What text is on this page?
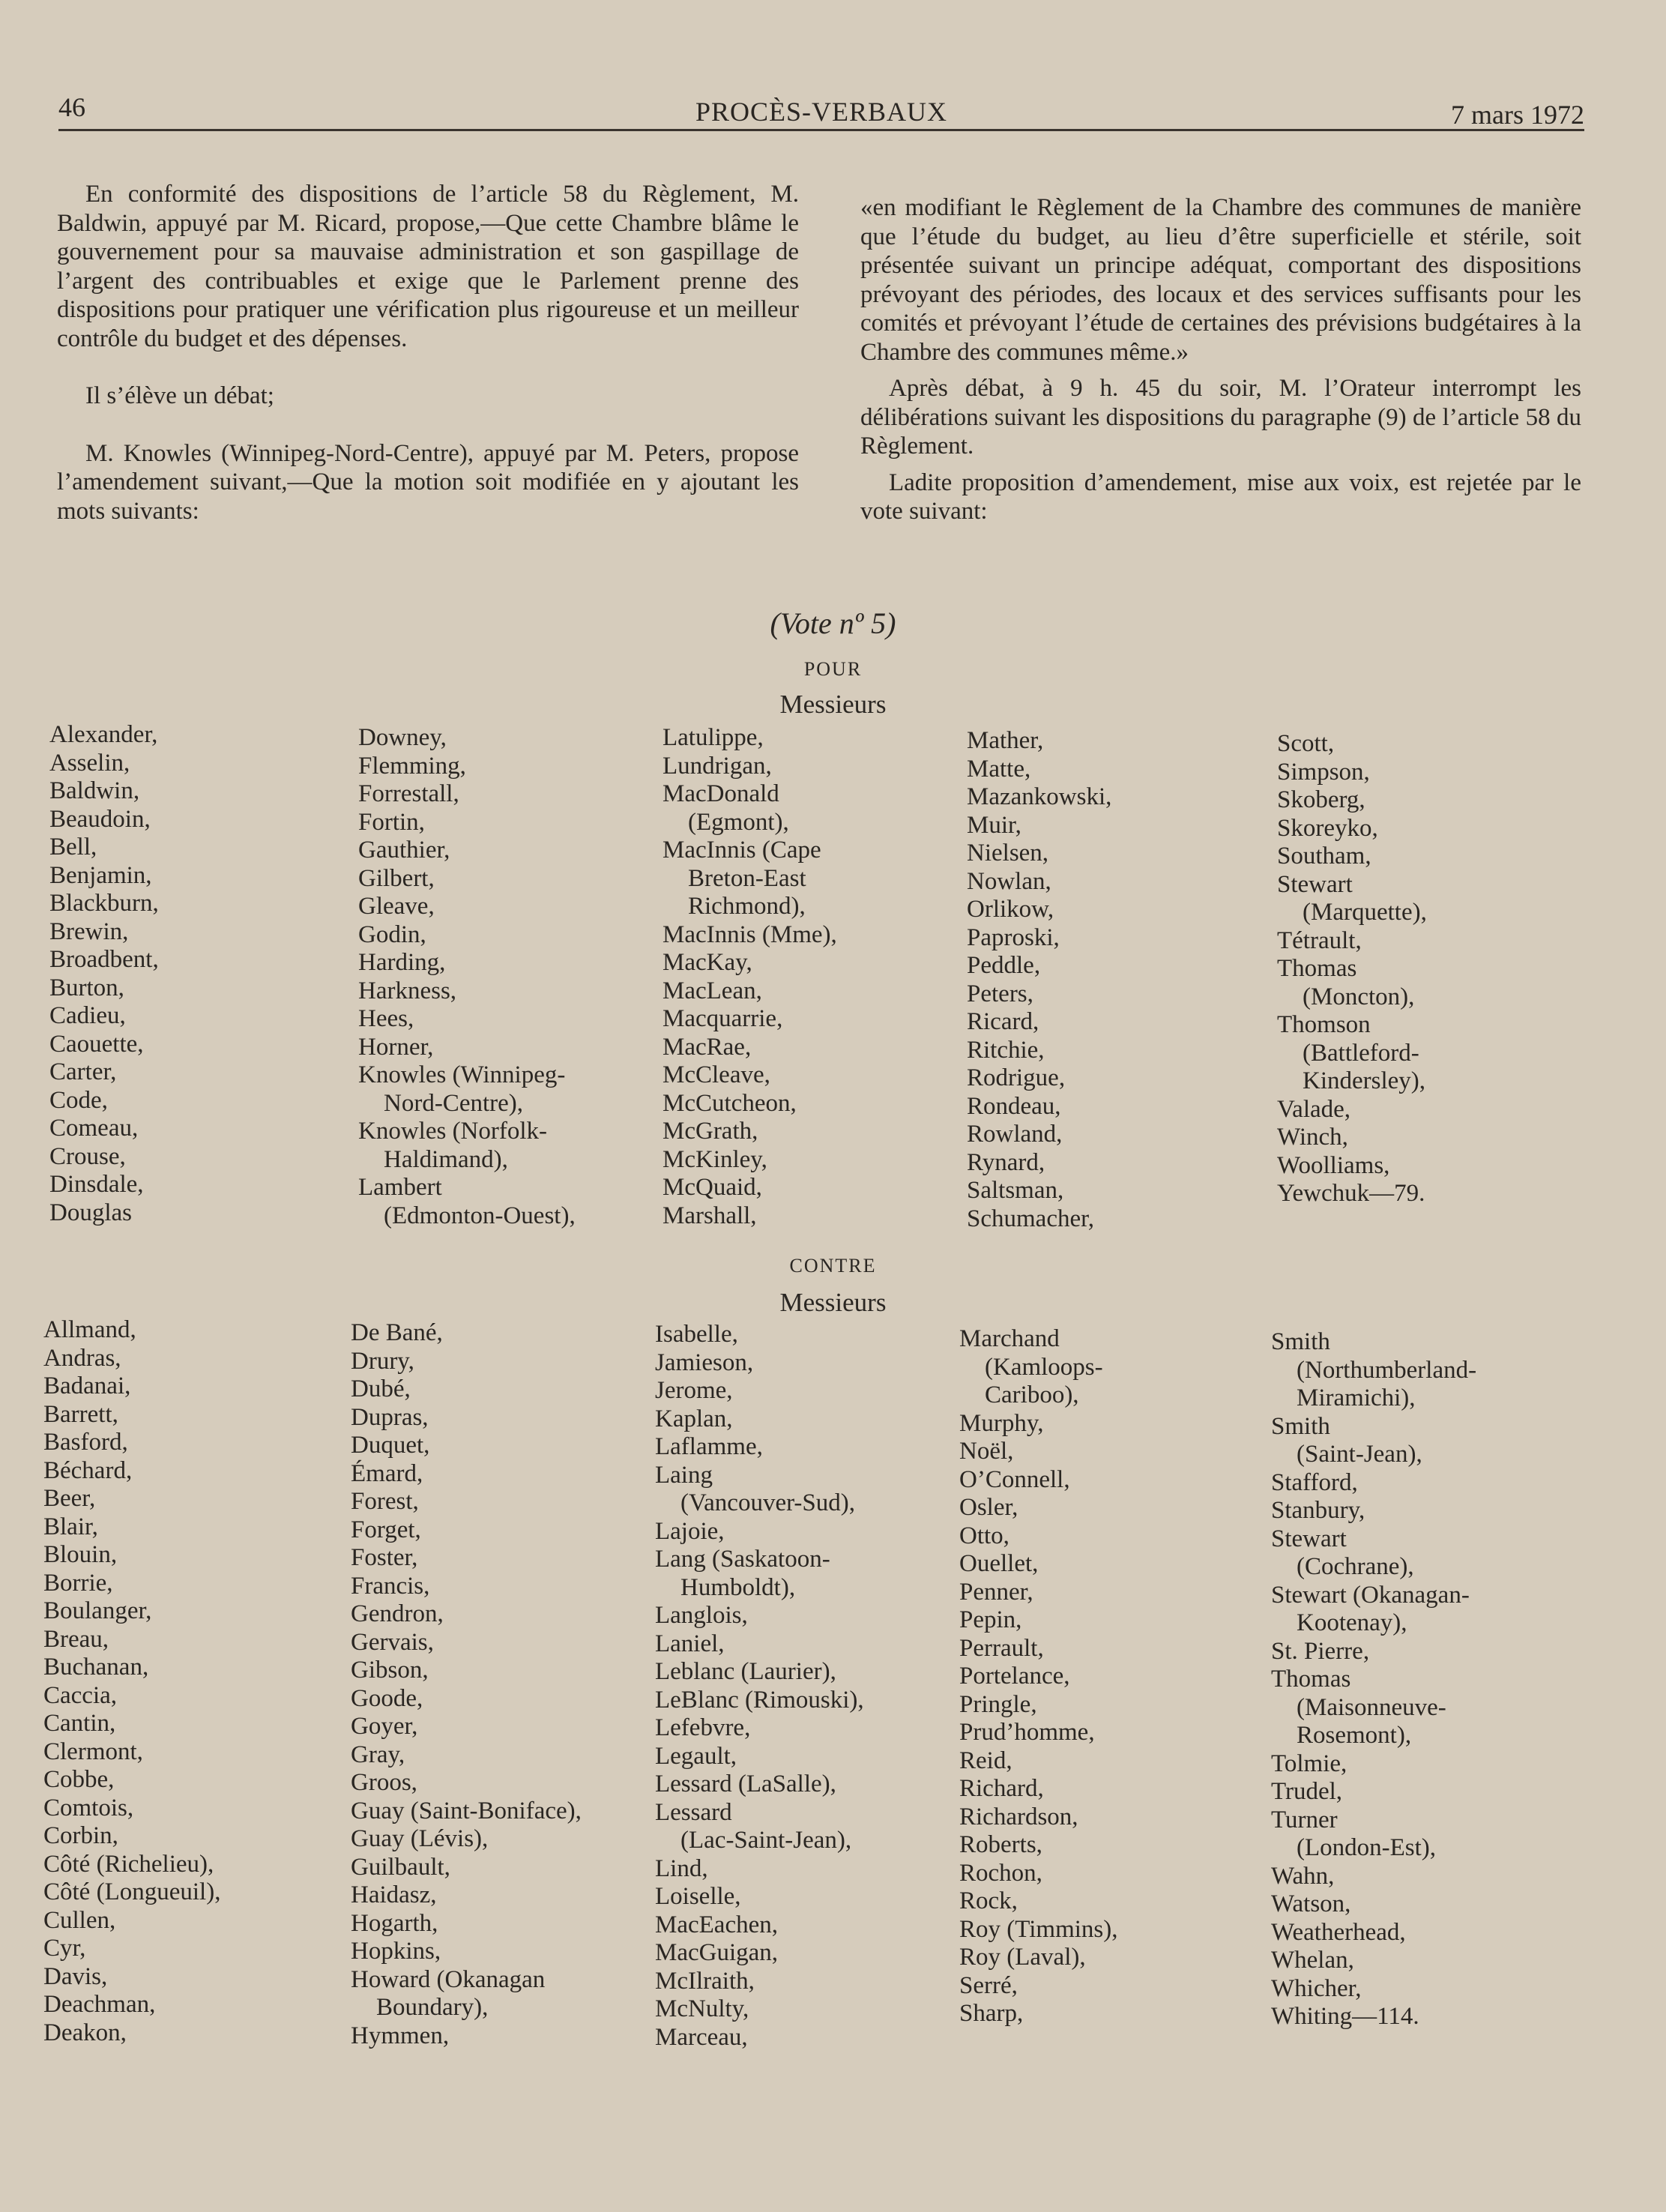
46	PROCÈS-VERBAUX	7 mars 1972

En conformité des dispositions de l’article 58 du Règlement, M. Baldwin, appuyé par M. Ricard, propose,—Que cette Chambre blâme le gouvernement pour sa mauvaise administration et son gaspillage de l’argent des contribuables et exige que le Parlement prenne des dispositions pour pratiquer une vérification plus rigoureuse et un meilleur contrôle du budget et des dépenses.

Il s’élève un débat;

M. Knowles (Winnipeg-Nord-Centre), appuyé par M. Peters, propose l’amendement suivant,—Que la motion soit modifiée en y ajoutant les mots suivants:

«en modifiant le Règlement de la Chambre des communes de manière que l’étude du budget, au lieu d’être superficielle et stérile, soit présentée suivant un principe adéquat, comportant des dispositions prévoyant des périodes, des locaux et des services suffisants pour les comités et prévoyant l’étude de certaines des prévisions budgétaires à la Chambre des communes même.»

Après débat, à 9 h. 45 du soir, M. l’Orateur interrompt les délibérations suivant les dispositions du paragraphe (9) de l’article 58 du Règlement.

Ladite proposition d’amendement, mise aux voix, est rejetée par le vote suivant:

(Vote nº 5)
POUR
Messieurs
Alexander,
Asselin,
Baldwin,
Beaudoin,
Bell,
Benjamin,
Blackburn,
Brewin,
Broadbent,
Burton,
Cadieu,
Caouette,
Carter,
Code,
Comeau,
Crouse,
Dinsdale,
Douglas
Downey,
Flemming,
Forrestall,
Fortin,
Gauthier,
Gilbert,
Gleave,
Godin,
Harding,
Harkness,
Hees,
Horner,
Knowles (Winnipeg-
Nord-Centre),
Knowles (Norfolk-
Haldimand),
Lambert
(Edmonton-Ouest),
Latulippe,
Lundrigan,
MacDonald
(Egmont),
MacInnis (Cape
Breton-East
Richmond),
MacInnis (Mme),
MacKay,
MacLean,
Macquarrie,
MacRae,
McCleave,
McCutcheon,
McGrath,
McKinley,
McQuaid,
Marshall,
Mather,
Matte,
Mazankowski,
Muir,
Nielsen,
Nowlan,
Orlikow,
Paproski,
Peddle,
Peters,
Ricard,
Ritchie,
Rodrigue,
Rondeau,
Rowland,
Rynard,
Saltsman,
Schumacher,
Scott,
Simpson,
Skoberg,
Skoreyko,
Southam,
Stewart
(Marquette),
Tétrault,
Thomas
(Moncton),
Thomson
(Battleford-
Kindersley),
Valade,
Winch,
Woolliams,
Yewchuk—79.
CONTRE
Messieurs
Allmand,
Andras,
Badanai,
Barrett,
Basford,
Béchard,
Beer,
Blair,
Blouin,
Borrie,
Boulanger,
Breau,
Buchanan,
Caccia,
Cantin,
Clermont,
Cobbe,
Comtois,
Corbin,
Côté (Richelieu),
Côté (Longueuil),
Cullen,
Cyr,
Davis,
Deachman,
Deakon,
De Bané,
Drury,
Dubé,
Dupras,
Duquet,
Émard,
Forest,
Forget,
Foster,
Francis,
Gendron,
Gervais,
Gibson,
Goode,
Goyer,
Gray,
Groos,
Guay (Saint-Boniface),
Guay (Lévis),
Guilbault,
Haidasz,
Hogarth,
Hopkins,
Howard (Okanagan
Boundary),
Hymmen,
Isabelle,
Jamieson,
Jerome,
Kaplan,
Laflamme,
Laing
(Vancouver-Sud),
Lajoie,
Lang (Saskatoon-
Humboldt),
Langlois,
Laniel,
Leblanc (Laurier),
LeBlanc (Rimouski),
Lefebvre,
Legault,
Lessard (LaSalle),
Lessard
(Lac-Saint-Jean),
Lind,
Loiselle,
MacEachen,
MacGuigan,
McIlraith,
McNulty,
Marceau,
Marchand
(Kamloops-
Cariboo),
Murphy,
Noël,
O’Connell,
Osler,
Otto,
Ouellet,
Penner,
Pepin,
Perrault,
Portelance,
Pringle,
Prud’homme,
Reid,
Richard,
Richardson,
Roberts,
Rochon,
Rock,
Roy (Timmins),
Roy (Laval),
Serré,
Sharp,
Smith
(Northumberland-
Miramichi),
Smith
(Saint-Jean),
Stafford,
Stanbury,
Stewart
(Cochrane),
Stewart (Okanagan-
Kootenay),
St. Pierre,
Thomas
(Maisonneuve-
Rosemont),
Tolmie,
Trudel,
Turner
(London-Est),
Wahn,
Watson,
Weatherhead,
Whelan,
Whicher,
Whiting—114.
